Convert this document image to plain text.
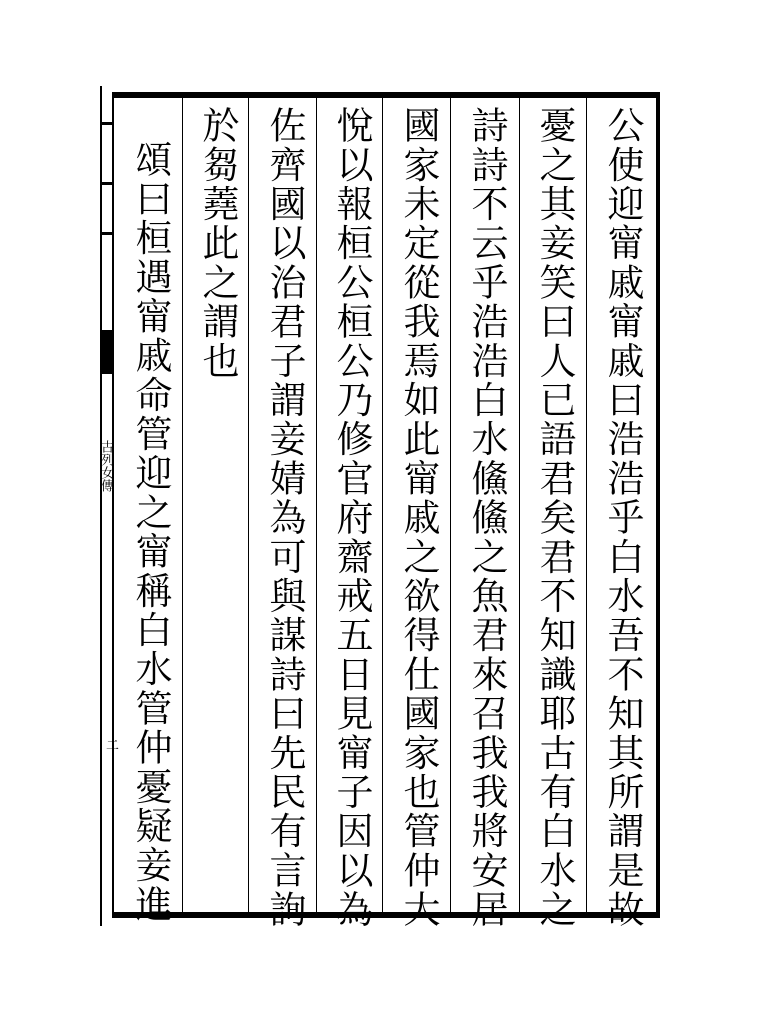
古列女傳
二	公使迎甯戚甯戚曰浩浩乎白水吾不知其所謂是故
憂之其妾笑曰人已語君矣君不知識耶古有白水之
詩詩不云乎浩浩白水鯈鯈之魚君來召我我將安居
國家未定從我焉如此甯戚之欲得仕國家也管仲大
悅以報桓公桓公乃修官府齋戒五日見甯子因以為
佐齊國以治君子謂妾婧為可與謀詩曰先民有言詢
於芻蕘此之謂也
頌曰桓遇甯戚命管迎之甯稱白水管仲憂疑妾進
